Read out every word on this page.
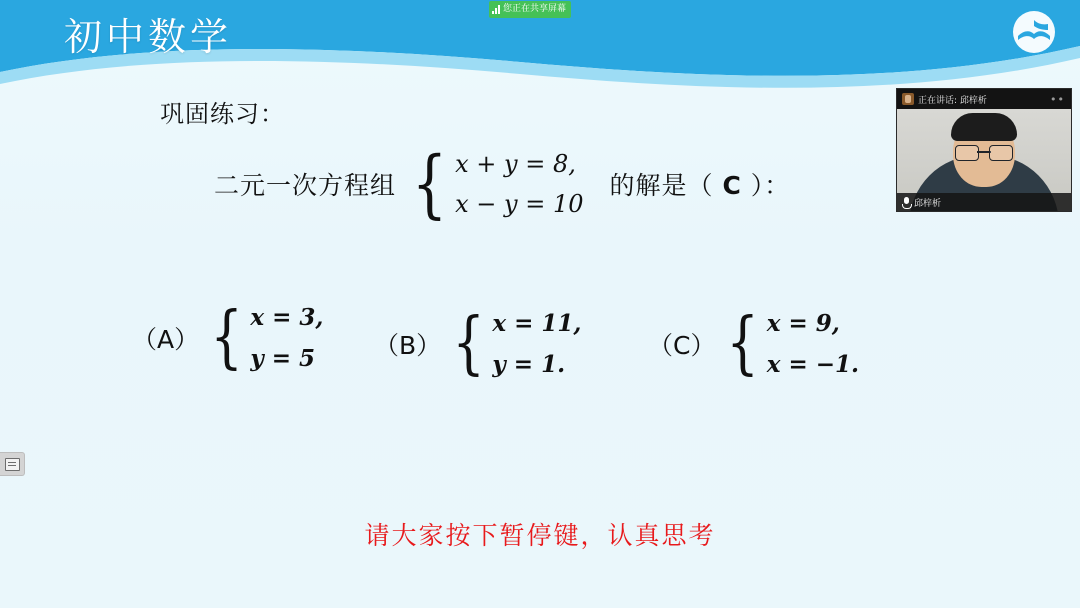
初中数学
您正在共享屏幕
巩固练习：
二元一次方程组 { x + y = 8,
x − y = 10
的解是（ C ）：
（A） { x = 3,
y = 5	（B） { x = 11,
y = 1.
（C） { x = 9,
x = −1.
请大家按下暂停键，认真思考
正在讲话: 邱梓析	••
邱梓析
